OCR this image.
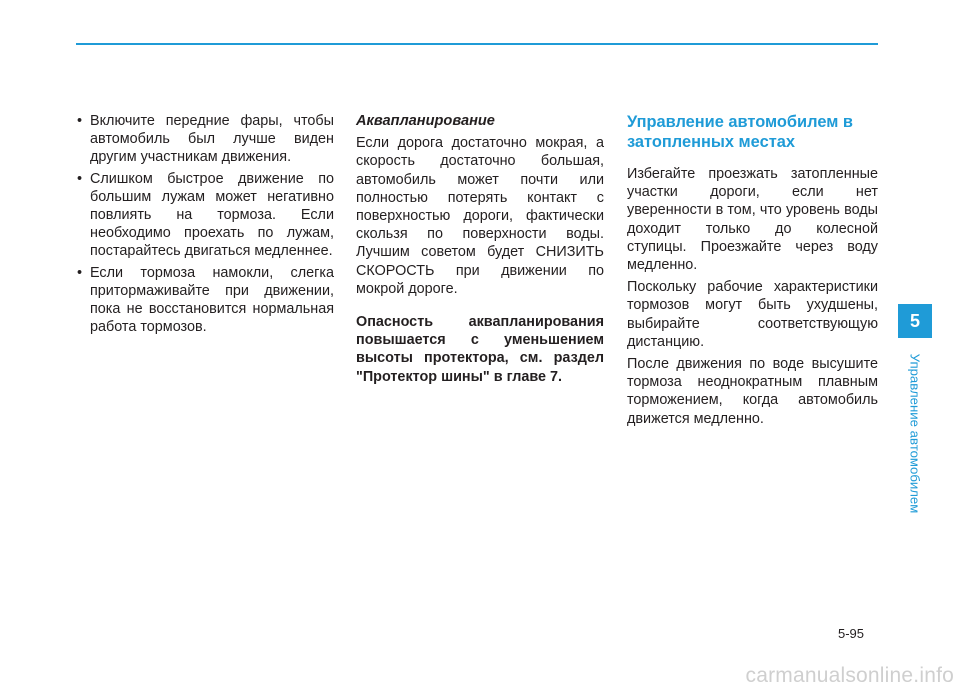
• Включите передние фары, чтобы автомобиль был лучше виден другим участникам движения.
• Слишком быстрое движение по большим лужам может негативно повлиять на тормоза. Если необходимо проехать по лужам, постарайтесь двигаться медленнее.
• Если тормоза намокли, слегка притормаживайте при движении, пока не восстановится нормальная работа тормозов.
Аквапланирование

Если дорога достаточно мокрая, а скорость достаточно большая, автомобиль может почти или полностью потерять контакт с поверхностью дороги, фактически скользя по поверхности воды. Лучшим советом будет СНИЗИТЬ СКОРОСТЬ при движении по мокрой дороге.

Опасность аквапланирования повышается с уменьшением высоты протектора, см. раздел "Протектор шины" в главе 7.

Управление автомобилем в затопленных местах

Избегайте проезжать затопленные участки дороги, если нет уверенности в том, что уровень воды доходит только до колесной ступицы. Проезжайте через воду медленно.

Поскольку рабочие характеристики тормозов могут быть ухудшены, выбирайте соответствующую дистанцию.

После движения по воде высушите тормоза неоднократным плавным торможением, когда автомобиль движется медленно.

5
Управление автомобилем
5-95
carmanualsonline.info
